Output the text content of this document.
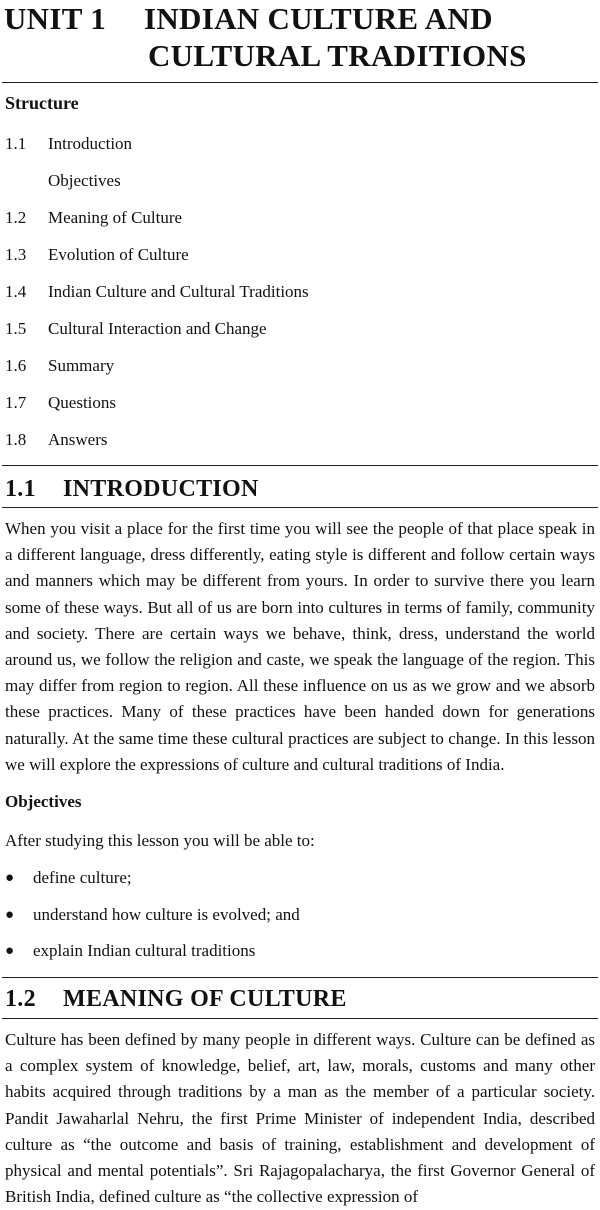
UNIT 1 INDIAN CULTURE AND
CULTURAL TRADITIONS
Structure
1.1	Introduction
Objectives
1.2	Meaning of Culture
1.3	Evolution of Culture
1.4	Indian Culture and Cultural Traditions
1.5	Cultural Interaction and Change
1.6	Summary
1.7	Questions
1.8	Answers
1.1 INTRODUCTION

When you visit a place for the first time you will see the people of that place speak in a different language, dress differently, eating style is different and follow certain ways and manners which may be different from yours. In order to survive there you learn some of these ways. But all of us are born into cultures in terms of family, community and society. There are certain ways we behave, think, dress, understand the world around us, we follow the religion and caste, we speak the language of the region. This may differ from region to region. All these influence on us as we grow and we absorb these practices. Many of these practices have been handed down for generations naturally. At the same time these cultural practices are subject to change. In this lesson we will explore the expressions of culture and cultural traditions of India.

Objectives

After studying this lesson you will be able to:

● define culture;
● understand how culture is evolved; and
● explain Indian cultural traditions
1.2 MEANING OF CULTURE

Culture has been defined by many people in different ways. Culture can be defined as a complex system of knowledge, belief, art, law, morals, customs and many other habits acquired through traditions by a man as the member of a particular society. Pandit Jawaharlal Nehru, the first Prime Minister of independent India, described culture as “the outcome and basis of training, establishment and development of physical and mental potentials”. Sri Rajagopalacharya, the first Governor General of British India, defined culture as “the collective expression of
